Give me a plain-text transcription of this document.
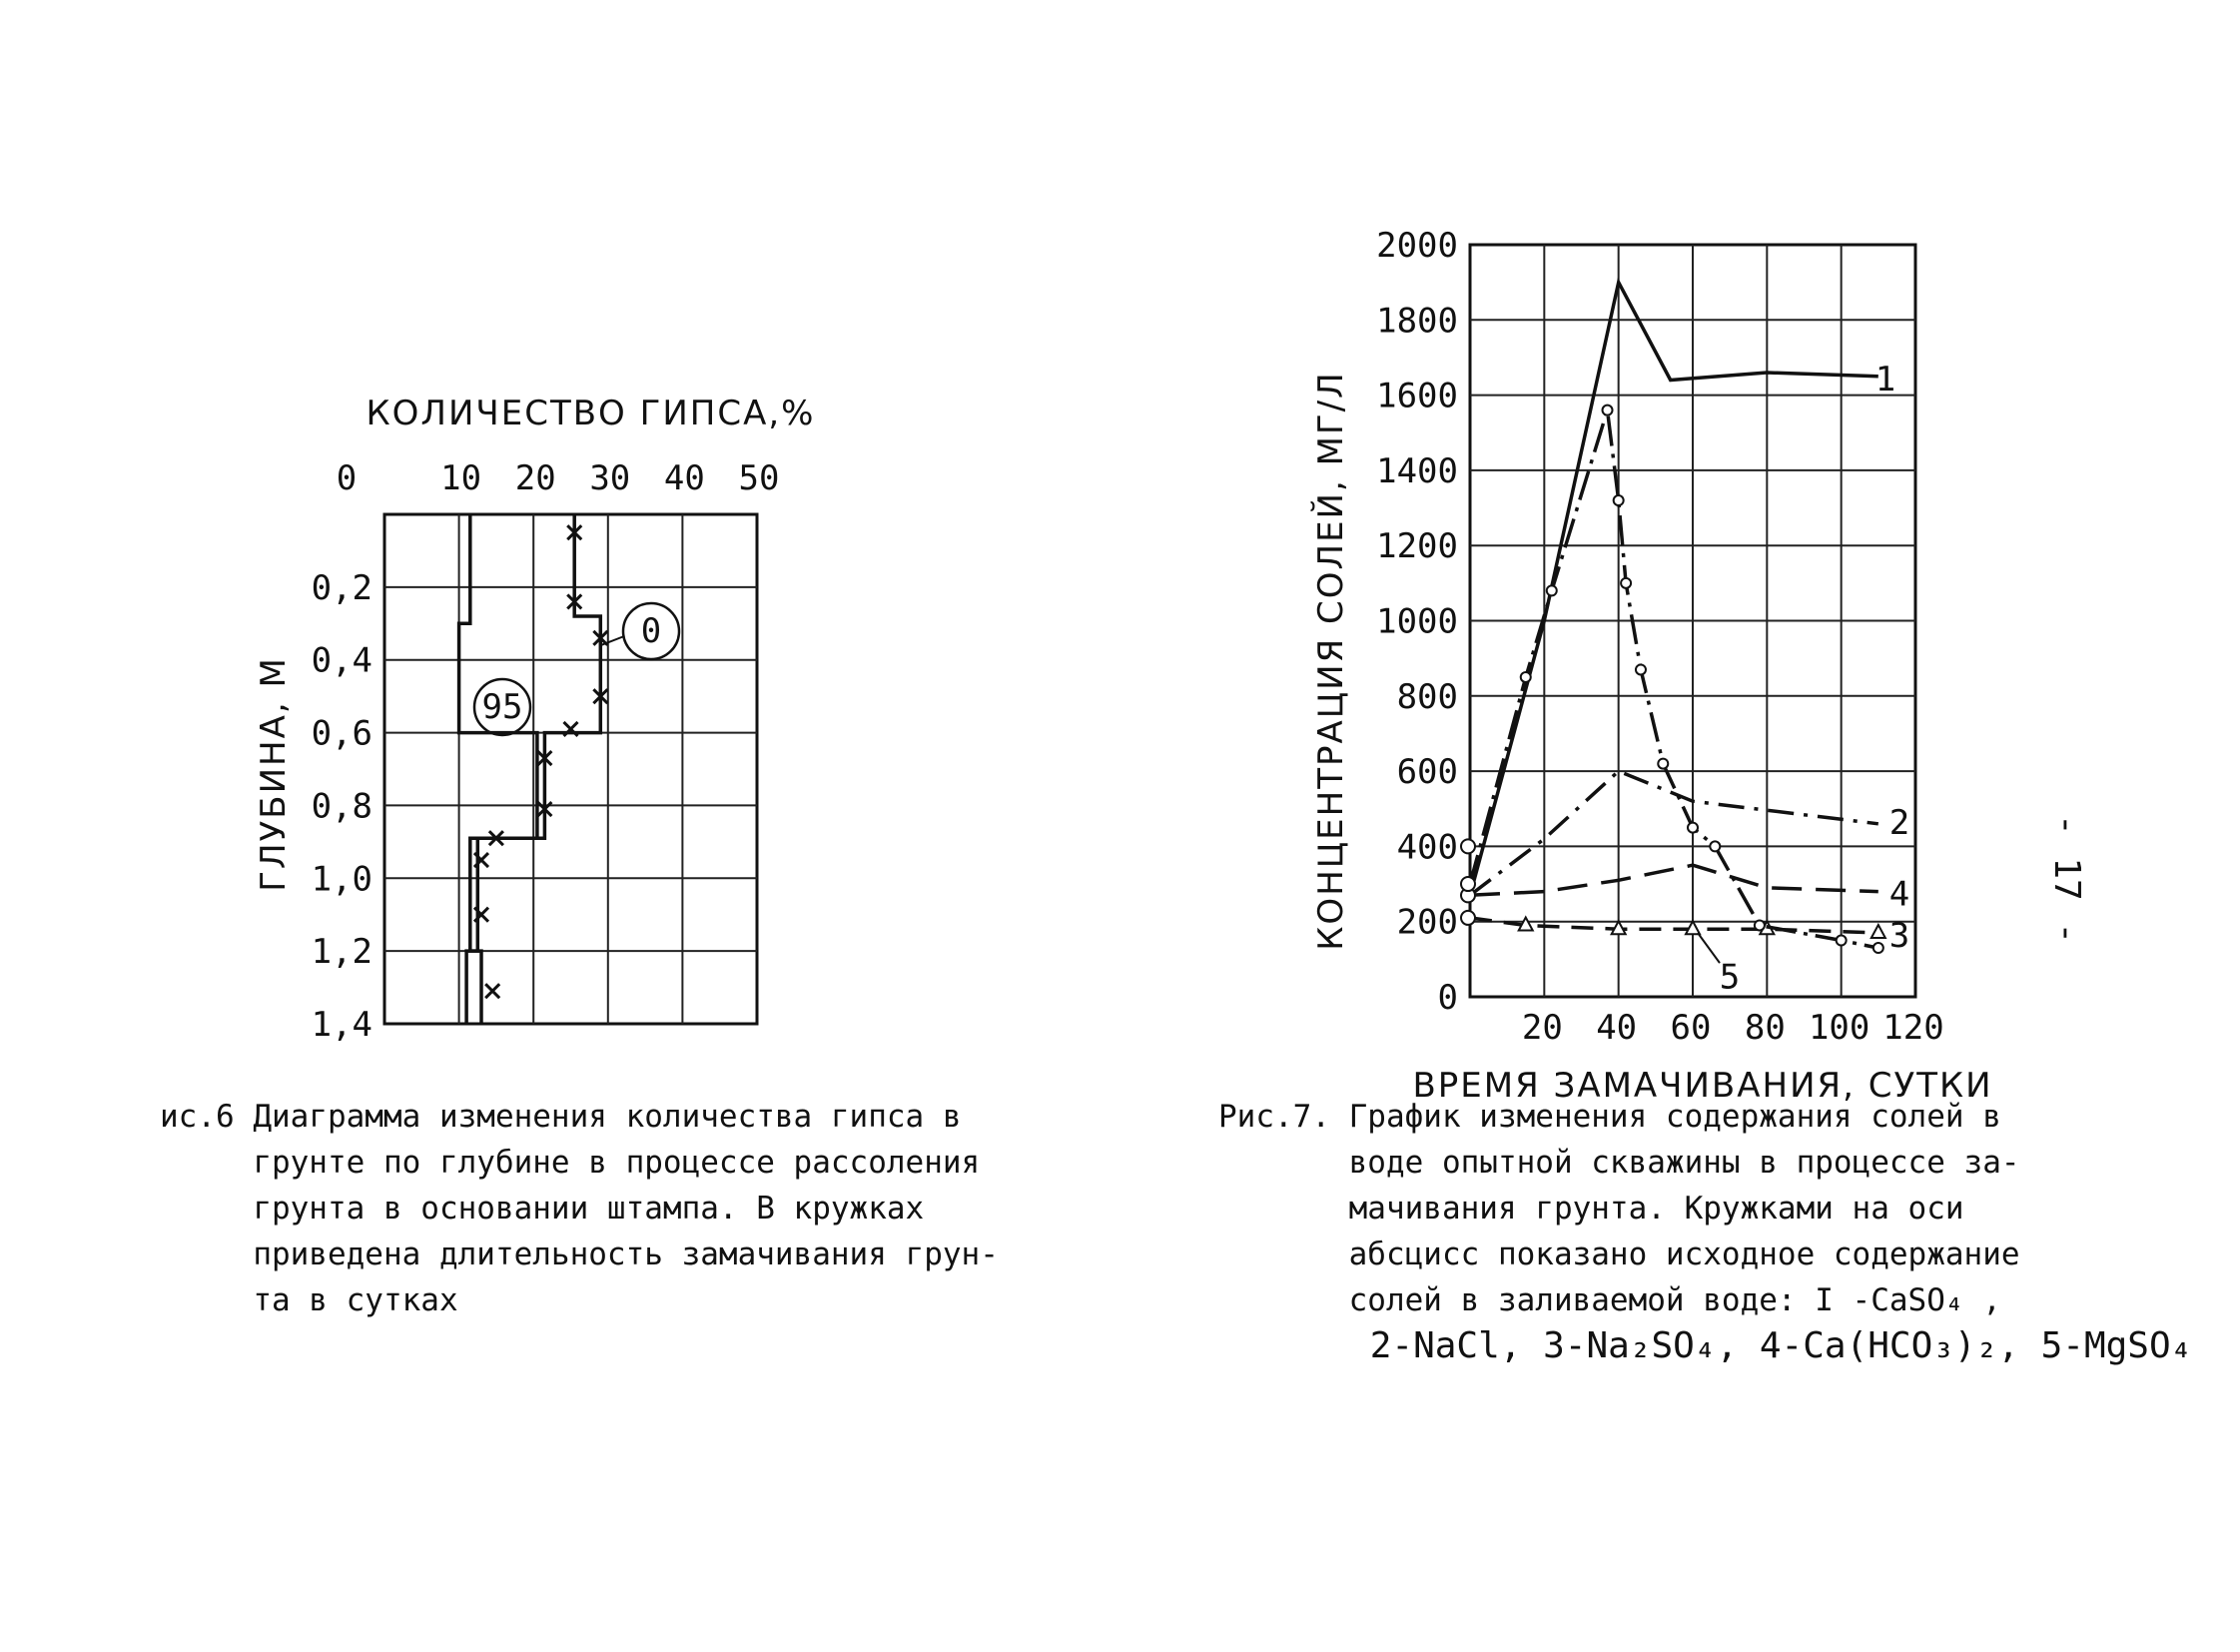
0 10 20 30 40 50
0,2
0,4
0,6
0,8
1,0
1,2
1,4
КОЛИЧЕСТВО ГИПСА,%
ГЛУБИНА, М	95
0
20 40 60 80 100 120
0
200
400
600
800
1000
1200
1400
1600
1800
2000
ВРЕМЯ ЗАМАЧИВАНИЯ, СУТКИ
КОНЦЕНТРАЦИЯ СОЛЕЙ, МГ/Л	1
2
3
4
5
- 17 -
ис.6 Диаграмма изменения количества гипса в
грунте по глубине в процессе рассоления
грунта в основании штампа. В кружках
приведена длительность замачивания грун-
та в сутках
Рис.7. График изменения содержания солей в
воде опытной скважины в процессе за-
мачивания грунта. Кружками на оси
абсцисс показано исходное содержание
солей в заливаемой воде: I -CaSO₄ ,
2-NaCl, 3-Na₂SO₄, 4-Ca(HCO₃)₂, 5-MgSO₄
